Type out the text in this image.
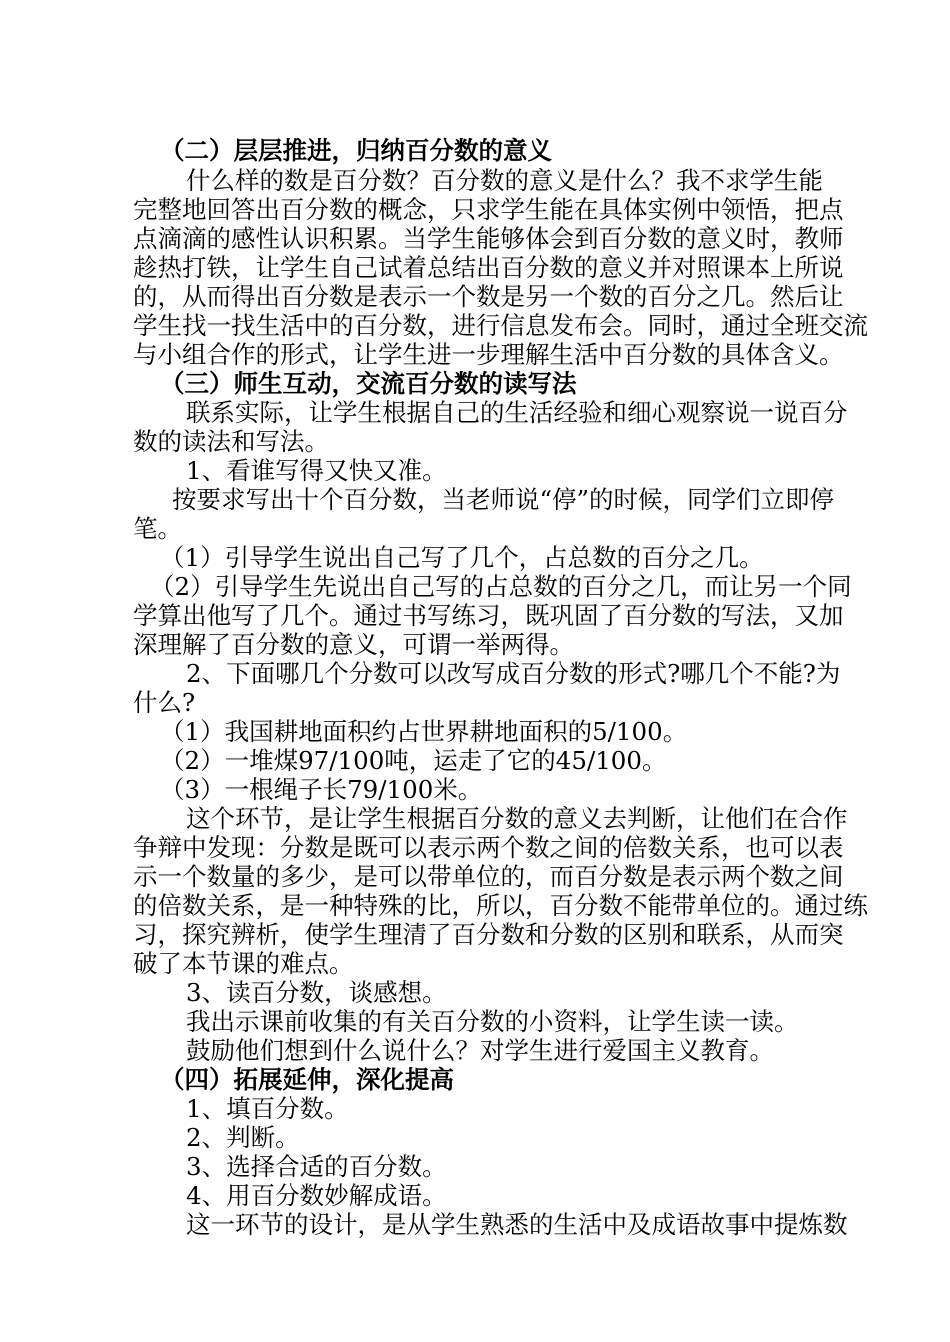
（二）层层推进，归纳百分数的意义
什么样的数是百分数？百分数的意义是什么？我不求学生能
完整地回答出百分数的概念，只求学生能在具体实例中领悟，把点
点滴滴的感性认识积累。当学生能够体会到百分数的意义时，教师
趁热打铁，让学生自己试着总结出百分数的意义并对照课本上所说
的，从而得出百分数是表示一个数是另一个数的百分之几。然后让
学生找一找生活中的百分数，进行信息发布会。同时，通过全班交流
与小组合作的形式，让学生进一步理解生活中百分数的具体含义。
（三）师生互动，交流百分数的读写法
联系实际，让学生根据自己的生活经验和细心观察说一说百分
数的读法和写法。
1、看谁写得又快又准。
按要求写出十个百分数，当老师说“停”的时候，同学们立即停
笔。
（1）引导学生说出自己写了几个，占总数的百分之几。
（2）引导学生先说出自己写的占总数的百分之几，而让另一个同
学算出他写了几个。通过书写练习，既巩固了百分数的写法，又加
深理解了百分数的意义，可谓一举两得。
2、下面哪几个分数可以改写成百分数的形式?哪几个不能?为
什么?
（1）我国耕地面积约占世界耕地面积的5/100。
（2）一堆煤97/100吨，运走了它的45/100。
（3）一根绳子长79/100米。
这个环节，是让学生根据百分数的意义去判断，让他们在合作
争辩中发现：分数是既可以表示两个数之间的倍数关系，也可以表
示一个数量的多少，是可以带单位的，而百分数是表示两个数之间
的倍数关系，是一种特殊的比，所以，百分数不能带单位的。通过练
习，探究辨析，使学生理清了百分数和分数的区别和联系，从而突
破了本节课的难点。
3、读百分数，谈感想。
我出示课前收集的有关百分数的小资料，让学生读一读。
鼓励他们想到什么说什么？对学生进行爱国主义教育。
（四）拓展延伸，深化提高
1、填百分数。
2、判断。
3、选择合适的百分数。
4、用百分数妙解成语。
这一环节的设计，是从学生熟悉的生活中及成语故事中提炼数
